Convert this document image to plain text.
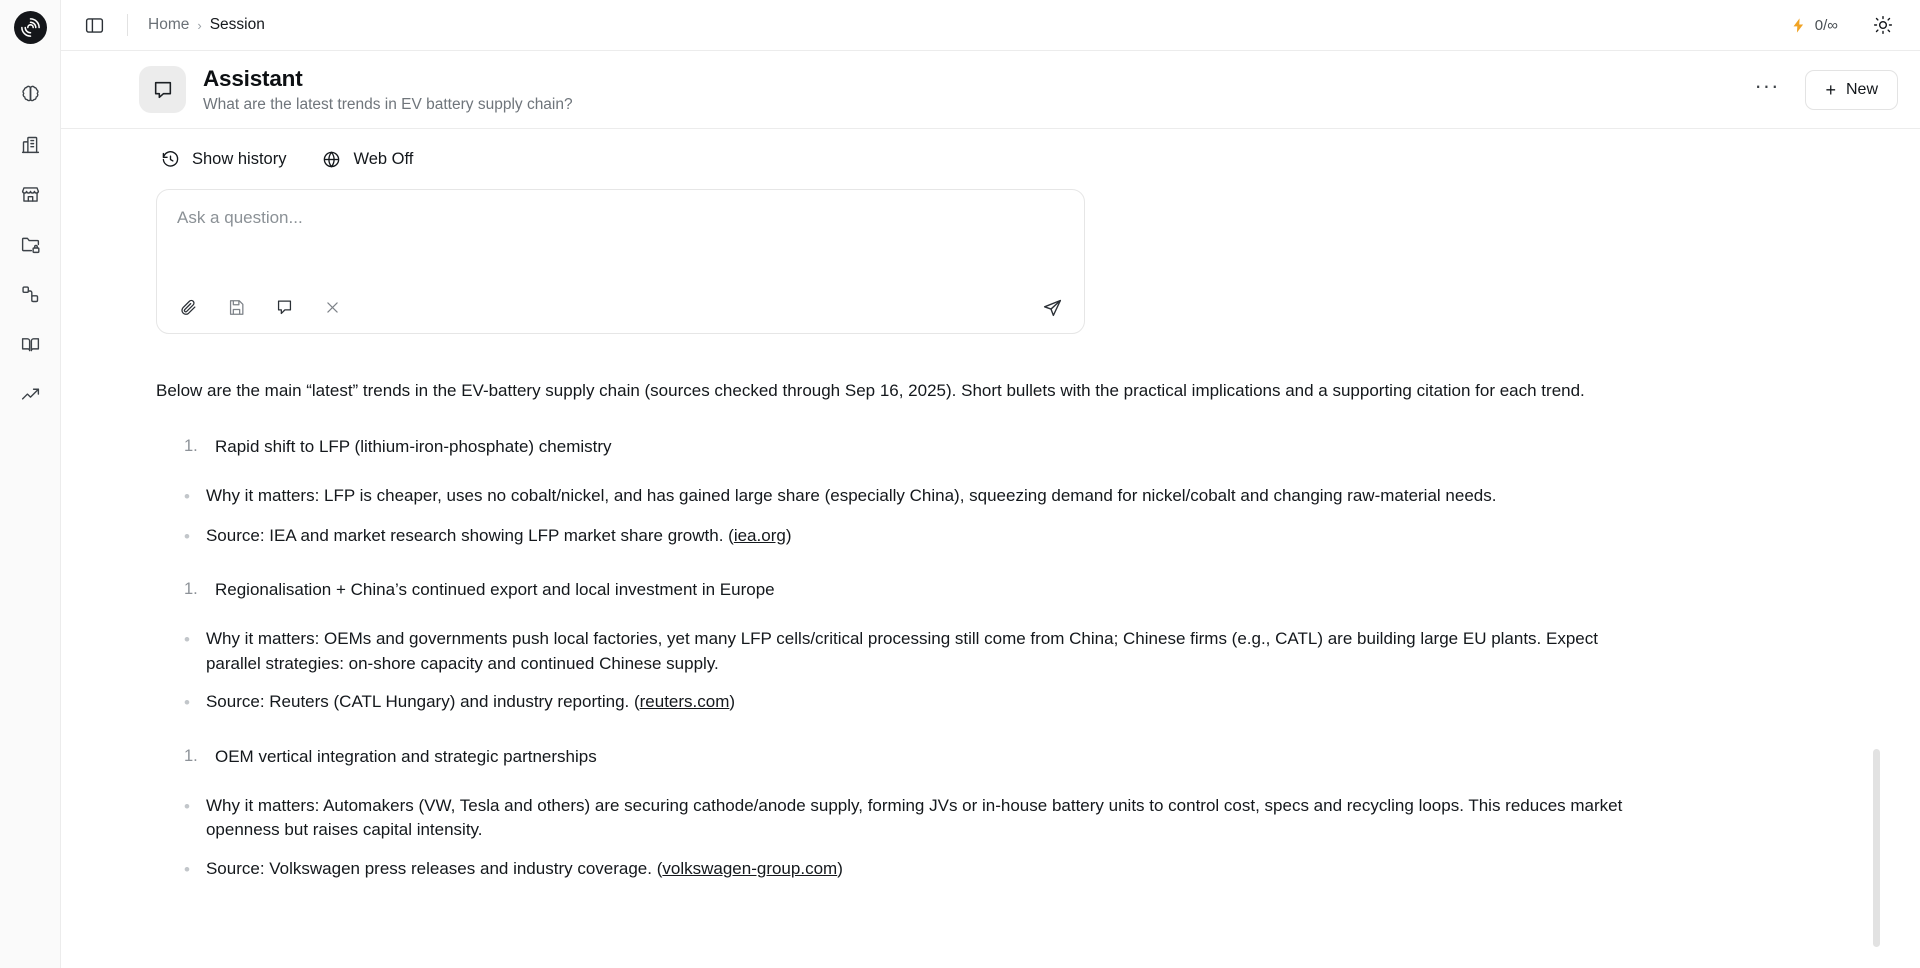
Home › Session	0/∞
Assistant
What are the latest trends in EV battery supply chain?
···	+ New
Show history	Web Off
Ask a question...
Below are the main “latest” trends in the EV-battery supply chain (sources checked through Sep 16, 2025). Short bullets with the practical implications and a supporting citation for each trend.
1. Rapid shift to LFP (lithium-iron-phosphate) chemistry
• Why it matters: LFP is cheaper, uses no cobalt/nickel, and has gained large share (especially China), squeezing demand for nickel/cobalt and changing raw-material needs.
• Source: IEA and market research showing LFP market share growth. (iea.org)
1. Regionalisation + China’s continued export and local investment in Europe
• Why it matters: OEMs and governments push local factories, yet many LFP cells/critical processing still come from China; Chinese firms (e.g., CATL) are building large EU plants. Expect parallel strategies: on-shore capacity and continued Chinese supply.
• Source: Reuters (CATL Hungary) and industry reporting. (reuters.com)
1. OEM vertical integration and strategic partnerships
• Why it matters: Automakers (VW, Tesla and others) are securing cathode/anode supply, forming JVs or in-house battery units to control cost, specs and recycling loops. This reduces market openness but raises capital intensity.
• Source: Volkswagen press releases and industry coverage. (volkswagen-group.com)
